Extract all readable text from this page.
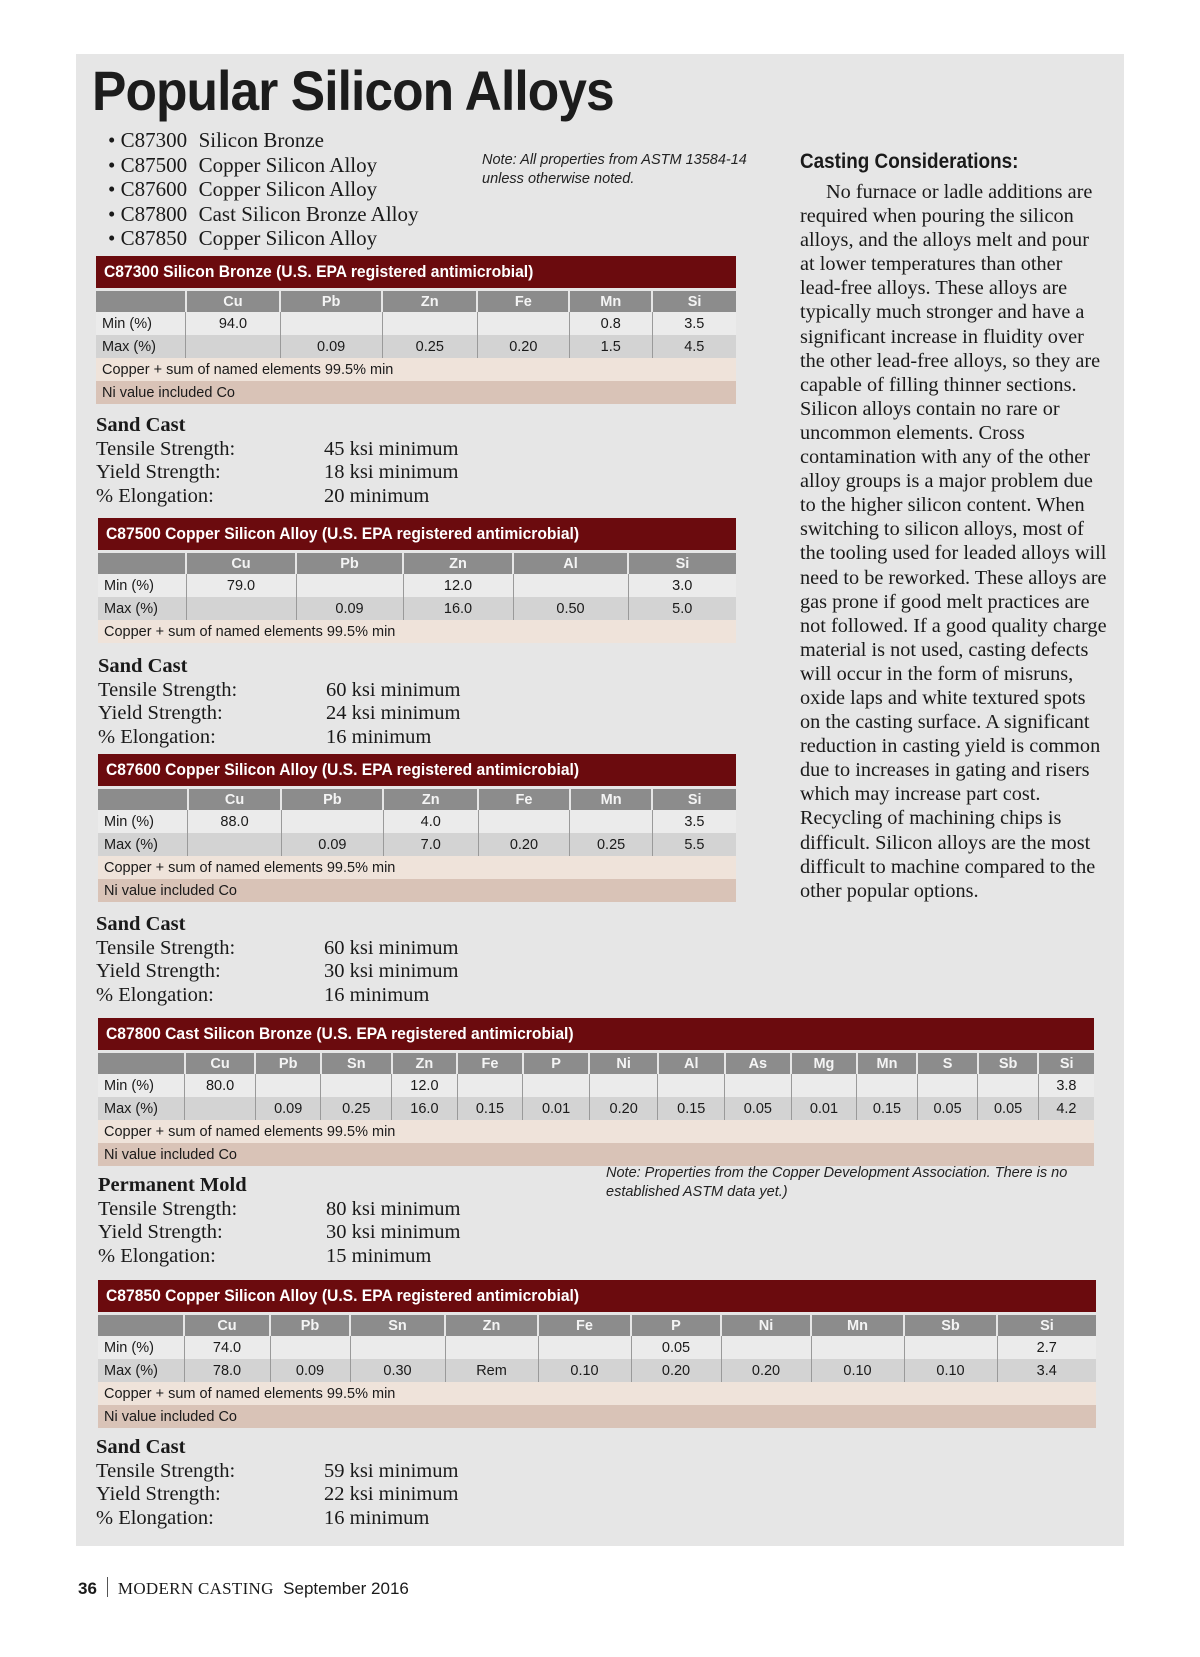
Popular Silicon Alloys
• C87300 Silicon Bronze
• C87500 Copper Silicon Alloy
• C87600 Copper Silicon Alloy
• C87800 Cast Silicon Bronze Alloy
• C87850 Copper Silicon Alloy
Note: All properties from ASTM 13584-14 unless otherwise noted.
Casting Considerations:

No furnace or ladle additions are required when pouring the silicon alloys, and the alloys melt and pour at lower temperatures than other lead-free alloys. These alloys are typically much stronger and have a significant increase in fluidity over the other lead-free alloys, so they are capable of filling thinner sections. Silicon alloys contain no rare or uncommon elements. Cross contamination with any of the other alloy groups is a major problem due to the higher silicon content. When switching to silicon alloys, most of the tooling used for leaded alloys will need to be reworked. These alloys are gas prone if good melt practices are not followed. If a good quality charge material is not used, casting defects will occur in the form of misruns, oxide laps and white textured spots on the casting surface. A significant reduction in casting yield is common due to increases in gating and risers which may increase part cost. Recycling of machining chips is difficult. Silicon alloys are the most difficult to machine compared to the other popular options.

C87300 Silicon Bronze (U.S. EPA registered antimicrobial)
	Cu	Pb	Zn	Fe	Mn	Si
Min (%)	94.0				0.8	3.5
Max (%)		0.09	0.25	0.20	1.5	4.5
Copper + sum of named elements 99.5% min
Ni value included Co
C87500 Copper Silicon Alloy (U.S. EPA registered antimicrobial)
	Cu	Pb	Zn	Al	Si
Min (%)	79.0		12.0		3.0
Max (%)		0.09	16.0	0.50	5.0
Copper + sum of named elements 99.5% min
C87600 Copper Silicon Alloy (U.S. EPA registered antimicrobial)
	Cu	Pb	Zn	Fe	Mn	Si
Min (%)	88.0		4.0			3.5
Max (%)		0.09	7.0	0.20	0.25	5.5
Copper + sum of named elements 99.5% min
Ni value included Co
C87800 Cast Silicon Bronze (U.S. EPA registered antimicrobial)
	Cu	Pb	Sn	Zn	Fe	P	Ni	Al	As	Mg	Mn	S	Sb	Si
Min (%)	80.0			12.0										3.8
Max (%)		0.09	0.25	16.0	0.15	0.01	0.20	0.15	0.05	0.01	0.15	0.05	0.05	4.2
Copper + sum of named elements 99.5% min
Ni value included Co
C87850 Copper Silicon Alloy (U.S. EPA registered antimicrobial)
	Cu	Pb	Sn	Zn	Fe	P	Ni	Mn	Sb	Si
Min (%)	74.0					0.05				2.7
Max (%)	78.0	0.09	0.30	Rem	0.10	0.20	0.20	0.10	0.10	3.4
Copper + sum of named elements 99.5% min
Ni value included Co
Note: Properties from the Copper Development Association. There is no established ASTM data yet.)
Sand Cast
Tensile Strength:	45 ksi minimum
Yield Strength:	18 ksi minimum
% Elongation:	20 minimum
Sand Cast
Tensile Strength:	60 ksi minimum
Yield Strength:	24 ksi minimum
% Elongation:	16 minimum
Sand Cast
Tensile Strength:	60 ksi minimum
Yield Strength:	30 ksi minimum
% Elongation:	16 minimum
Permanent Mold
Tensile Strength:	80 ksi minimum
Yield Strength:	30 ksi minimum
% Elongation:	15 minimum
Sand Cast
Tensile Strength:	59 ksi minimum
Yield Strength:	22 ksi minimum
% Elongation:	16 minimum
36 MODERN CASTING September 2016
